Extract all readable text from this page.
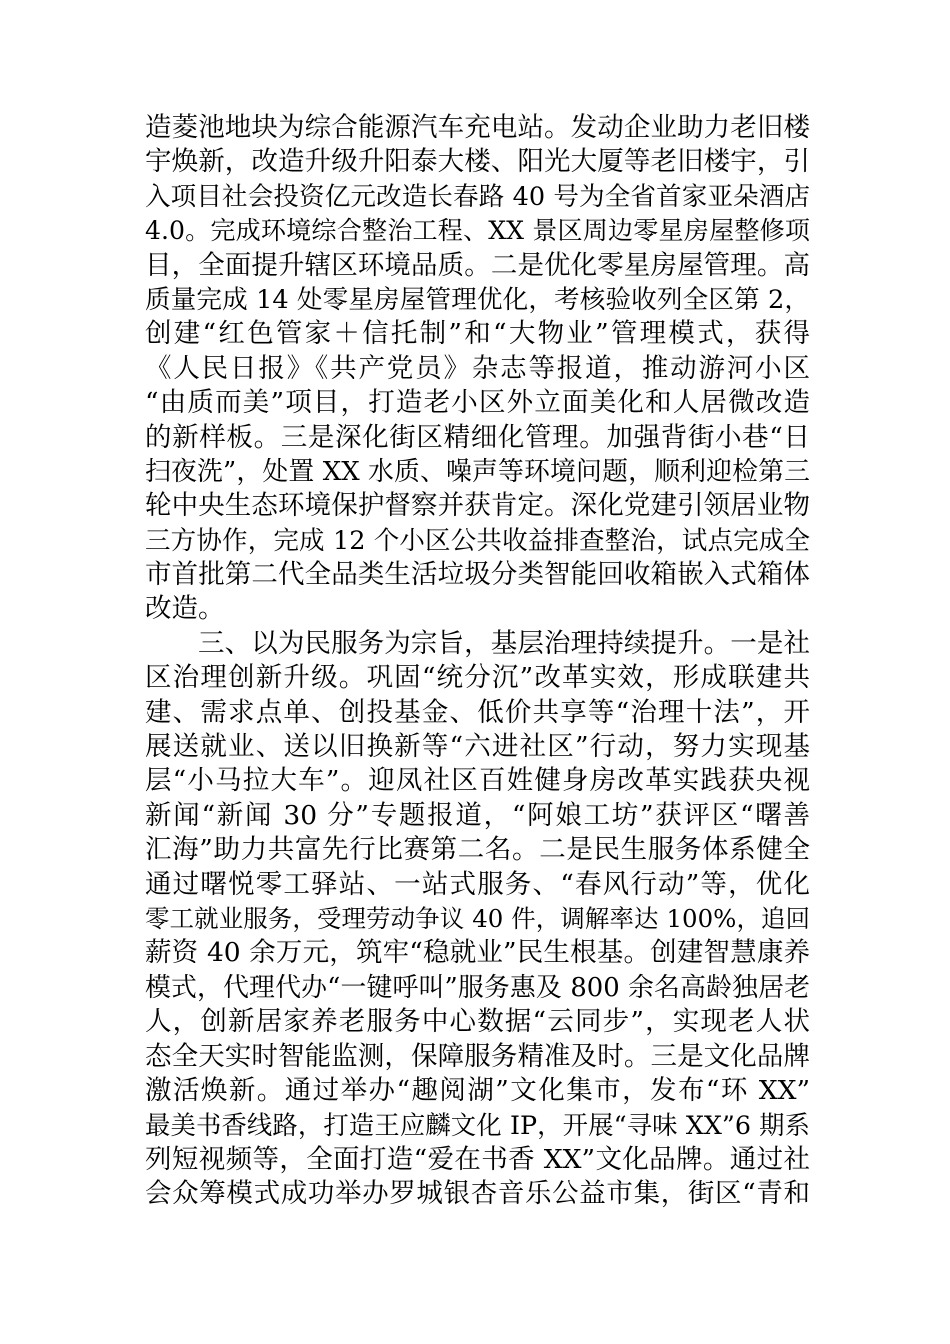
造菱池地块为综合能源汽车充电站。发动企业助力老旧楼
宇焕新，改造升级升阳泰大楼、阳光大厦等老旧楼宇，引
入项目社会投资亿元改造长春路 40 号为全省首家亚朵酒店
4.0。完成环境综合整治工程、XX 景区周边零星房屋整修项
目，全面提升辖区环境品质。二是优化零星房屋管理。高
质量完成 14 处零星房屋管理优化，考核验收列全区第 2，
创建“红色管家＋信托制”和“大物业”管理模式，获得
《人民日报》《共产党员》杂志等报道，推动游河小区
“由质而美”项目，打造老小区外立面美化和人居微改造
的新样板。三是深化街区精细化管理。加强背街小巷“日
扫夜洗”，处置 XX 水质、噪声等环境问题，顺利迎检第三
轮中央生态环境保护督察并获肯定。深化党建引领居业物
三方协作，完成 12 个小区公共收益排查整治，试点完成全
市首批第二代全品类生活垃圾分类智能回收箱嵌入式箱体
改造。
三、以为民服务为宗旨，基层治理持续提升。一是社
区治理创新升级。巩固“统分沉”改革实效，形成联建共
建、需求点单、创投基金、低价共享等“治理十法”，开
展送就业、送以旧换新等“六进社区”行动，努力实现基
层“小马拉大车”。迎凤社区百姓健身房改革实践获央视
新闻“新闻 30 分”专题报道，“阿娘工坊”获评区“曙善
汇海”助力共富先行比赛第二名。二是民生服务体系健全
通过曙悦零工驿站、一站式服务、“春风行动”等，优化
零工就业服务，受理劳动争议 40 件，调解率达 100%，追回
薪资 40 余万元，筑牢“稳就业”民生根基。创建智慧康养
模式，代理代办“一键呼叫”服务惠及 800 余名高龄独居老
人，创新居家养老服务中心数据“云同步”，实现老人状
态全天实时智能监测，保障服务精准及时。三是文化品牌
激活焕新。通过举办“趣阅湖”文化集市，发布“环 XX”
最美书香线路，打造王应麟文化 IP，开展“寻味 XX”6 期系
列短视频等，全面打造“爱在书香 XX”文化品牌。通过社
会众筹模式成功举办罗城银杏音乐公益市集，街区“青和
